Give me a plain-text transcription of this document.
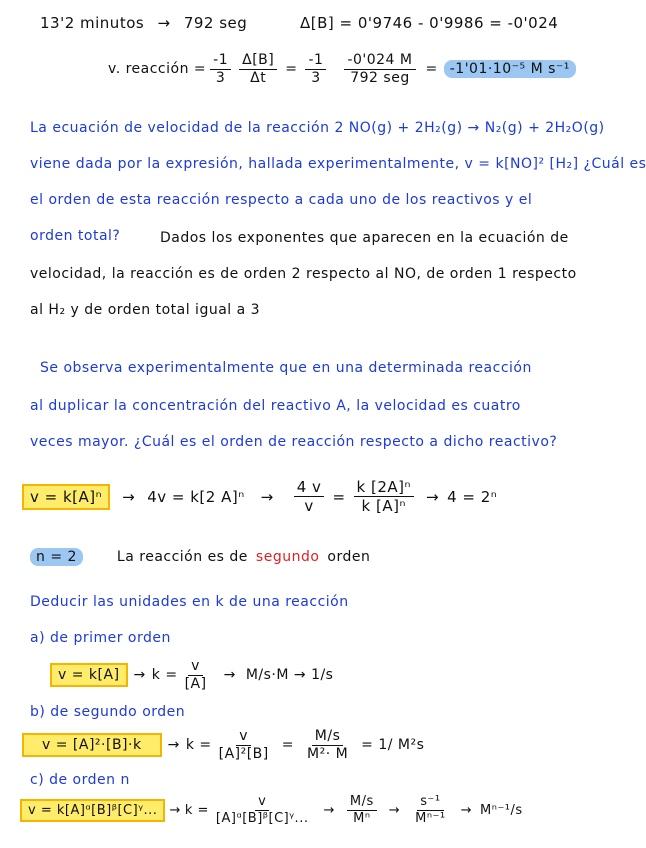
13'2 minutos → 792 seg	Δ[B] = 0'9746 - 0'9986 = -0'024
v. reacción = $\frac{-1}{3} \frac{\Delta[B]}{\Delta t} = \frac{-1}{3} \frac{-0'024 M}{\text{792 seg}} = -1'01\cdot 10^{-5}$ M s⁻¹
La ecuación de velocidad de la reacción 2 NO(g) + 2H₂(g) → N₂(g) + 2H₂O(g)
viene dada por la expresión, hallada experimentalmente, v = k[NO]² [H₂] ¿Cuál es
el orden de esta reacción respecto a cada uno de los reactivos y el
orden total?	Dados los exponentes que aparecen en la ecuación de
velocidad, la reacción es de orden 2 respecto al NO, de orden 1 respecto
al H₂ y de orden total igual a 3
Se observa experimentalmente que en una determinada reacción
al duplicar la concentración del reactivo A, la velocidad es cuatro
veces mayor. ¿Cuál es el orden de reacción respecto a dicho reactivo?
v = k[A]ⁿ	→ 4v = k[2 $A]^n \to \frac{4 v}{v} = \frac{\text{k [2A]ⁿ}}{\text{k [A]ⁿ}} \to 4 = 2^n$
n = 2	La reacción es de segundo orden
Deducir las unidades en k de una reacción
a) de primer orden
v = k[A]	→ $k = \frac{v}{[A]} \to M/s\cdot M \to 1/s$
b) de segundo orden
v = [A]²·[B]·k	→ $k = \frac{v}{\text{[A]²[B]}} = \frac{M/s}{\text{M²· M}} = 1/$ M²s
c) de orden n
v = k[A]ᵅ[B]ᵝ[C]ᵞ... → $k = \frac{v}{\text{[A]ᵅ[B]ᵝ[C]ᵞ...}} \to \frac{M/s}{\text{Mⁿ}} \to \frac{\text{s⁻¹}}{\text{Mⁿ⁻¹}} \to M^{n-1}/s$
